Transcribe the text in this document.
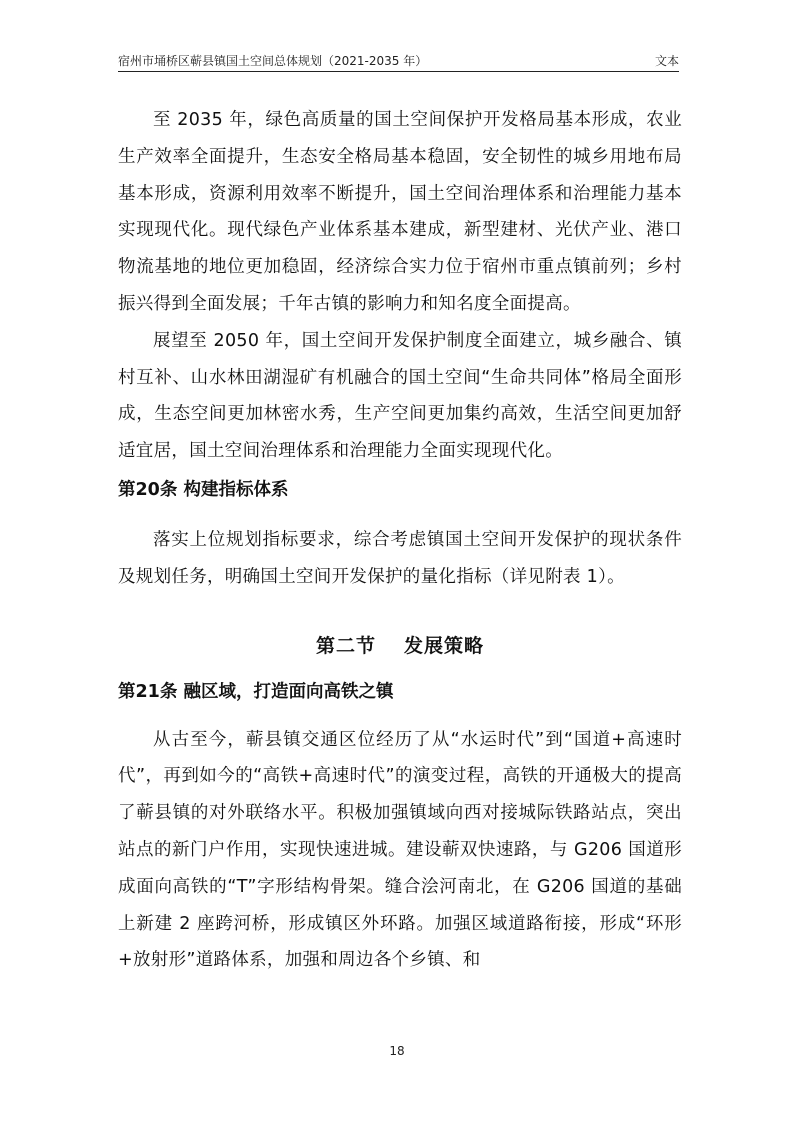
宿州市埇桥区蕲县镇国土空间总体规划（2021-2035 年）	文本

至 2035 年，绿色高质量的国土空间保护开发格局基本形成，农业生产效率全面提升，生态安全格局基本稳固，安全韧性的城乡用地布局基本形成，资源利用效率不断提升，国土空间治理体系和治理能力基本实现现代化。现代绿色产业体系基本建成，新型建材、光伏产业、港口物流基地的地位更加稳固，经济综合实力位于宿州市重点镇前列；乡村振兴得到全面发展；千年古镇的影响力和知名度全面提高。

展望至 2050 年，国土空间开发保护制度全面建立，城乡融合、镇村互补、山水林田湖湿矿有机融合的国土空间“生命共同体”格局全面形成，生态空间更加林密水秀，生产空间更加集约高效，生活空间更加舒适宜居，国土空间治理体系和治理能力全面实现现代化。

第20条 构建指标体系

落实上位规划指标要求，综合考虑镇国土空间开发保护的现状条件及规划任务，明确国土空间开发保护的量化指标（详见附表 1）。

第二节 发展策略

第21条 融区域，打造面向高铁之镇

从古至今，蕲县镇交通区位经历了从“水运时代”到“国道+高速时代”，再到如今的“高铁+高速时代”的演变过程，高铁的开通极大的提高了蕲县镇的对外联络水平。积极加强镇域向西对接城际铁路站点，突出站点的新门户作用，实现快速进城。建设蕲双快速路，与 G206 国道形成面向高铁的“T”字形结构骨架。缝合浍河南北，在 G206 国道的基础上新建 2 座跨河桥，形成镇区外环路。加强区域道路衔接，形成“环形+放射形”道路体系，加强和周边各个乡镇、和

18
